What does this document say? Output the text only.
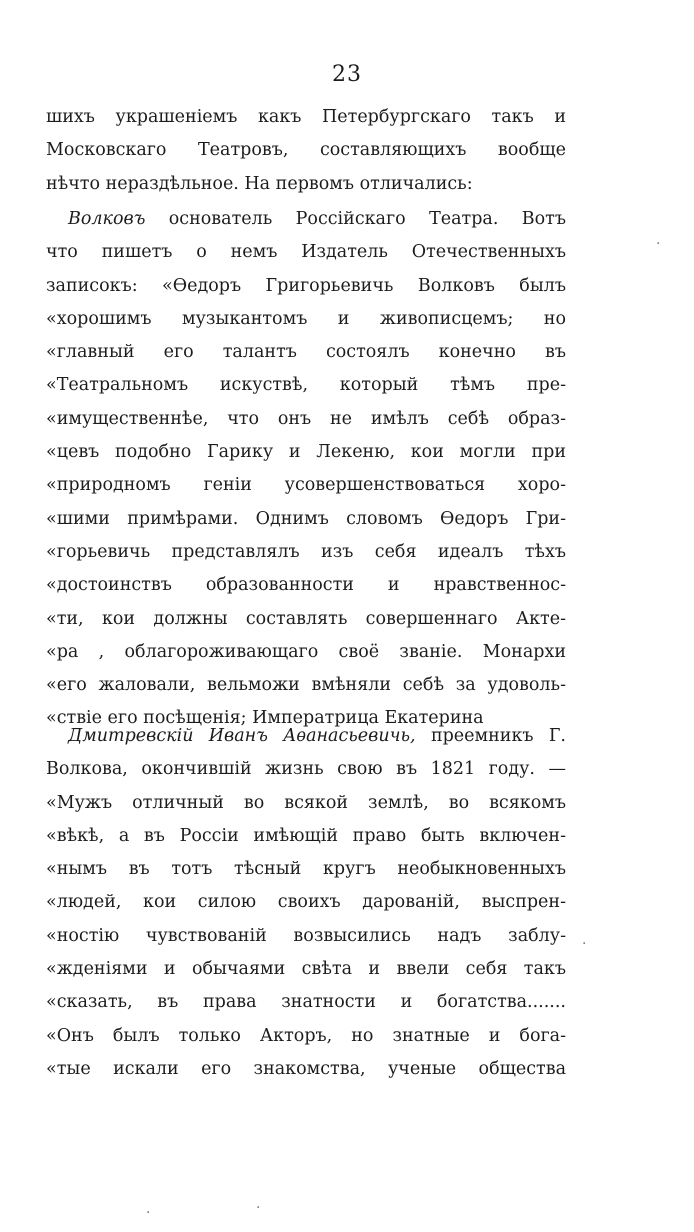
23
шихъ украшеніемъ какъ Петербургскаго такъ и
Московскаго Театровъ, составляющихъ вообще
нѣчто нераздѣльное. На первомъ отличались:
Волковъ основатель Россійскаго Театра. Вотъ
что пишетъ о немъ Издатель Отечественныхъ
записокъ: «Ѳедоръ Григорьевичь Волковъ былъ
«хорошимъ музыкантомъ и живописцемъ; но
«главный его талантъ состоялъ конечно въ
«Театральномъ искуствѣ, который тѣмъ пре-
«имущественнѣе, что онъ не имѣлъ себѣ образ-
«цевъ подобно Гарику и Лекеню, кои могли при
«природномъ геніи усовершенствоваться хоро-
«шими примѣрами. Однимъ словомъ Ѳедоръ Гри-
«горьевичь представлялъ изъ себя идеалъ тѣхъ
«достоинствъ образованности и нравственнос-
«ти, кои должны составлять совершеннаго Акте-
«ра , облагороживающаго своё званіе. Монархи
«его жаловали, вельможи вмѣняли себѣ за удоволь-
«ствіе его посѣщенія; Императрица Екатерина
Дмитревскій Иванъ Аѳанасьевичь, преемникъ Г.
Волкова, окончившій жизнь свою въ 1821 году. —
«Мужъ отличный во всякой землѣ, во всякомъ
«вѣкѣ, а въ Россіи имѣющій право быть включен-
«нымъ въ тотъ тѣсный кругъ необыкновенныхъ
«людей, кои силою своихъ дарованій, выспрен-
«ностію чувствованій возвысились надъ заблу-
«жденіями и обычаями свѣта и ввели себя такъ
«сказать, въ права знатности и богатства.......
«Онъ былъ только Акторъ, но знатные и бога-
«тые искали его знакомства, ученые общества
·
·
·	·
